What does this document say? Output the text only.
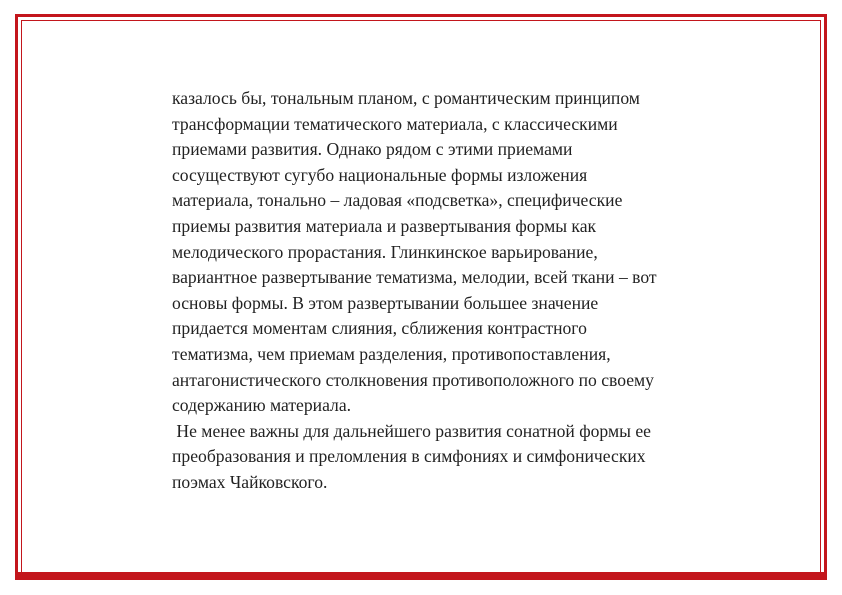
казалось бы, тональным планом, с романтическим принципом
трансформации тематического материала, с классическими
приемами развития. Однако рядом с этими приемами
сосуществуют сугубо национальные формы изложения
материала, тонально – ладовая «подсветка», специфические
приемы развития материала и развертывания формы как
мелодического прорастания. Глинкинское варьирование,
вариантное развертывание тематизма, мелодии, всей ткани – вот
основы формы. В этом развертывании большее значение
придается моментам слияния, сближения контрастного
тематизма, чем приемам разделения, противопоставления,
антагонистического столкновения противоположного по своему
содержанию материала.
Не менее важны для дальнейшего развития сонатной формы ее
преобразования и преломления в симфониях и симфонических
поэмах Чайковского.
